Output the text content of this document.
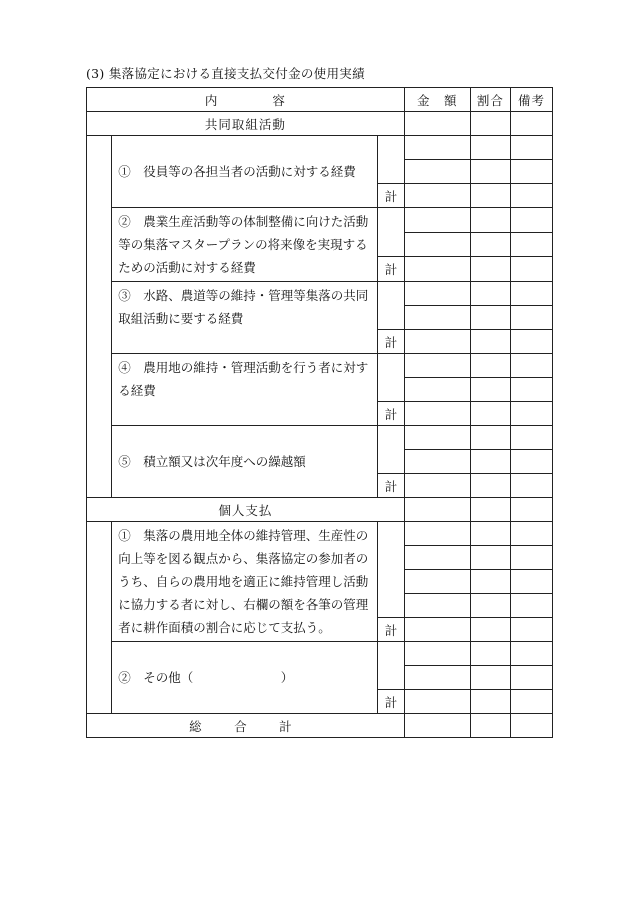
(3) 集落協定における直接支払交付金の使用実績
内　　　　容			金　額	割合	備考
共同取組活動					
	①　役員等の各担当者の活動に対する経費				

		計			
	②　農業生産活動等の体制整備に向けた活動等の集落マスタープランの将来像を実現するための活動に対する経費				

		計			
	③　水路、農道等の維持・管理等集落の共同取組活動に要する経費				

		計			
	④　農用地の維持・管理活動を行う者に対する経費				

		計			
	⑤　積立額又は次年度への繰越額				

		計			
個人支払					
	①　集落の農用地全体の維持管理、生産性の向上等を図る観点から、集落協定の参加者のうち、自らの農用地を適正に維持管理し活動に協力する者に対し、右欄の額を各筆の管理者に耕作面積の割合に応じて支払う。				

		計			
	②　その他（　　　　　　　）				

		計			
総　合　計					
